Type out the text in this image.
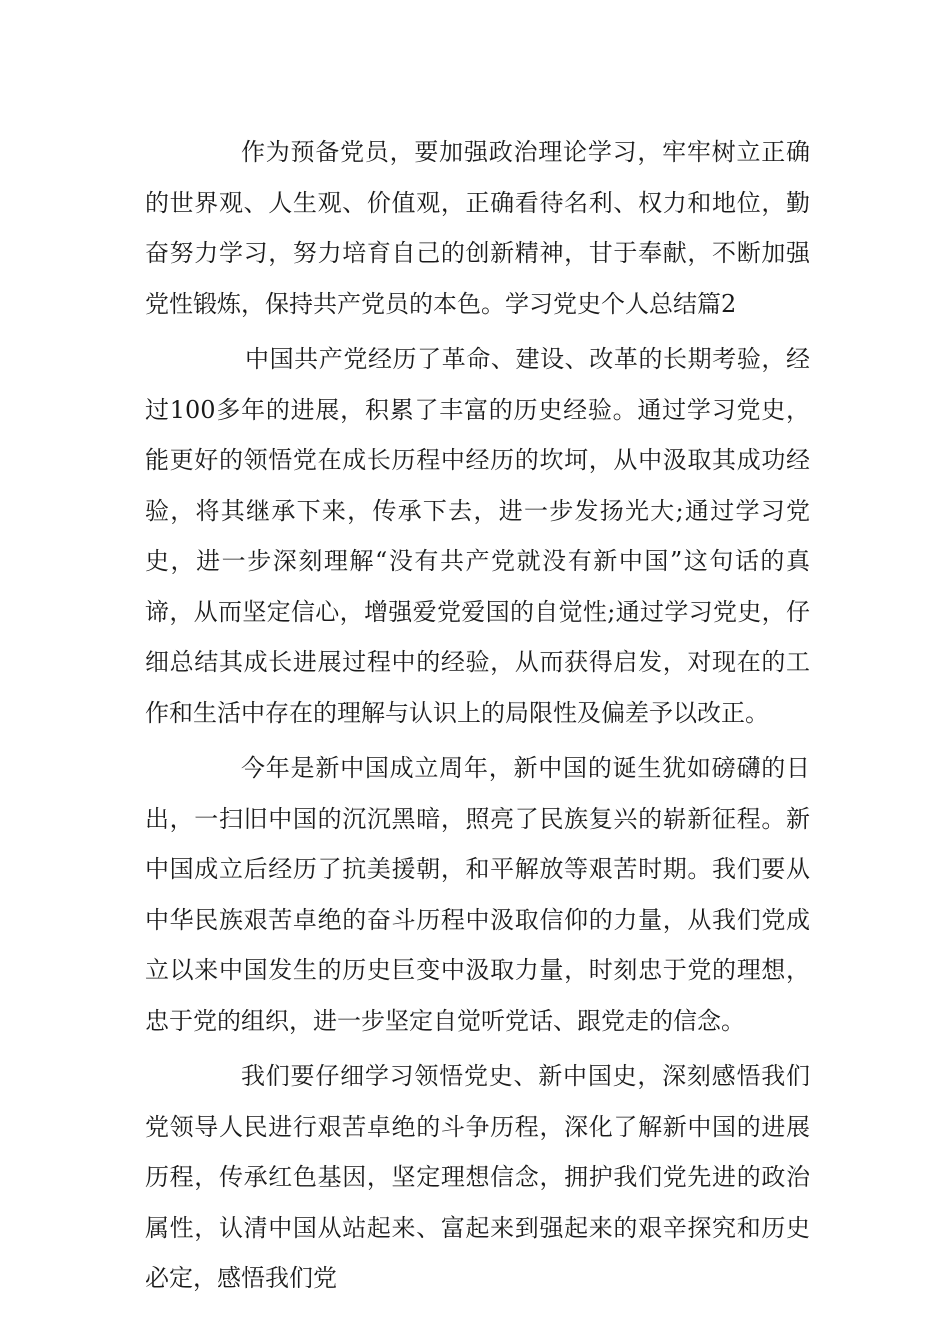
作为预备党员，要加强政治理论学习，牢牢树立正确的世界观、人生观、价值观，正确看待名利、权力和地位，勤奋努力学习，努力培育自己的创新精神，甘于奉献，不断加强党性锻炼，保持共产党员的本色。学习党史个人总结篇2

中国共产党经历了革命、建设、改革的长期考验，经过100多年的进展，积累了丰富的历史经验。通过学习党史，能更好的领悟党在成长历程中经历的坎坷，从中汲取其成功经验，将其继承下来，传承下去，进一步发扬光大;通过学习党史，进一步深刻理解“没有共产党就没有新中国”这句话的真谛，从而坚定信心，增强爱党爱国的自觉性;通过学习党史，仔细总结其成长进展过程中的经验，从而获得启发，对现在的工作和生活中存在的理解与认识上的局限性及偏差予以改正。

今年是新中国成立周年，新中国的诞生犹如磅礴的日出，一扫旧中国的沉沉黑暗，照亮了民族复兴的崭新征程。新中国成立后经历了抗美援朝，和平解放等艰苦时期。我们要从中华民族艰苦卓绝的奋斗历程中汲取信仰的力量，从我们党成立以来中国发生的历史巨变中汲取力量，时刻忠于党的理想，忠于党的组织，进一步坚定自觉听党话、跟党走的信念。

我们要仔细学习领悟党史、新中国史，深刻感悟我们党领导人民进行艰苦卓绝的斗争历程，深化了解新中国的进展历程，传承红色基因，坚定理想信念，拥护我们党先进的政治属性，认清中国从站起来、富起来到强起来的艰辛探究和历史必定，感悟我们党
